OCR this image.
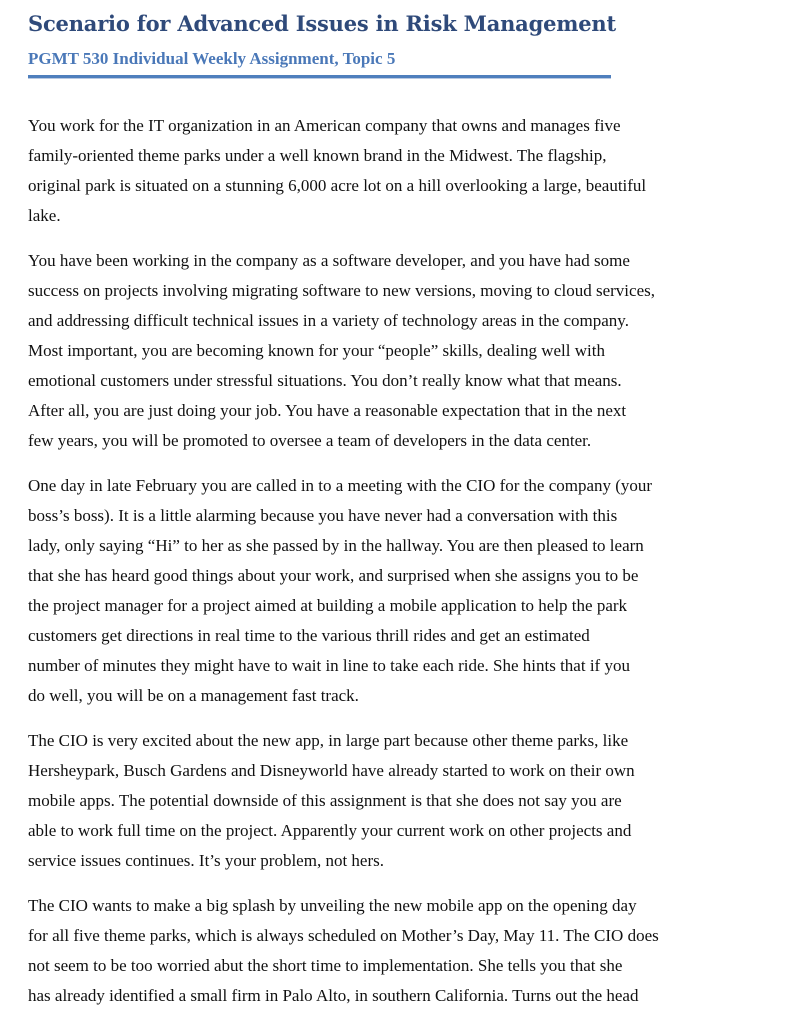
Scenario for Advanced Issues in Risk Management
PGMT 530 Individual Weekly Assignment, Topic 5

You work for the IT organization in an American company that owns and manages five
family-oriented theme parks under a well known brand in the Midwest. The flagship,
original park is situated on a stunning 6,000 acre lot on a hill overlooking a large, beautiful
lake.

You have been working in the company as a software developer, and you have had some
success on projects involving migrating software to new versions, moving to cloud services,
and addressing difficult technical issues in a variety of technology areas in the company.
Most important, you are becoming known for your “people” skills, dealing well with
emotional customers under stressful situations. You don’t really know what that means.
After all, you are just doing your job. You have a reasonable expectation that in the next
few years, you will be promoted to oversee a team of developers in the data center.

One day in late February you are called in to a meeting with the CIO for the company (your
boss’s boss). It is a little alarming because you have never had a conversation with this
lady, only saying “Hi” to her as she passed by in the hallway. You are then pleased to learn
that she has heard good things about your work, and surprised when she assigns you to be
the project manager for a project aimed at building a mobile application to help the park
customers get directions in real time to the various thrill rides and get an estimated
number of minutes they might have to wait in line to take each ride. She hints that if you
do well, you will be on a management fast track.

The CIO is very excited about the new app, in large part because other theme parks, like
Hersheypark, Busch Gardens and Disneyworld have already started to work on their own
mobile apps. The potential downside of this assignment is that she does not say you are
able to work full time on the project. Apparently your current work on other projects and
service issues continues. It’s your problem, not hers.

The CIO wants to make a big splash by unveiling the new mobile app on the opening day
for all five theme parks, which is always scheduled on Mother’s Day, May 11. The CIO does
not seem to be too worried abut the short time to implementation. She tells you that she
has already identified a small firm in Palo Alto, in southern California. Turns out the head
